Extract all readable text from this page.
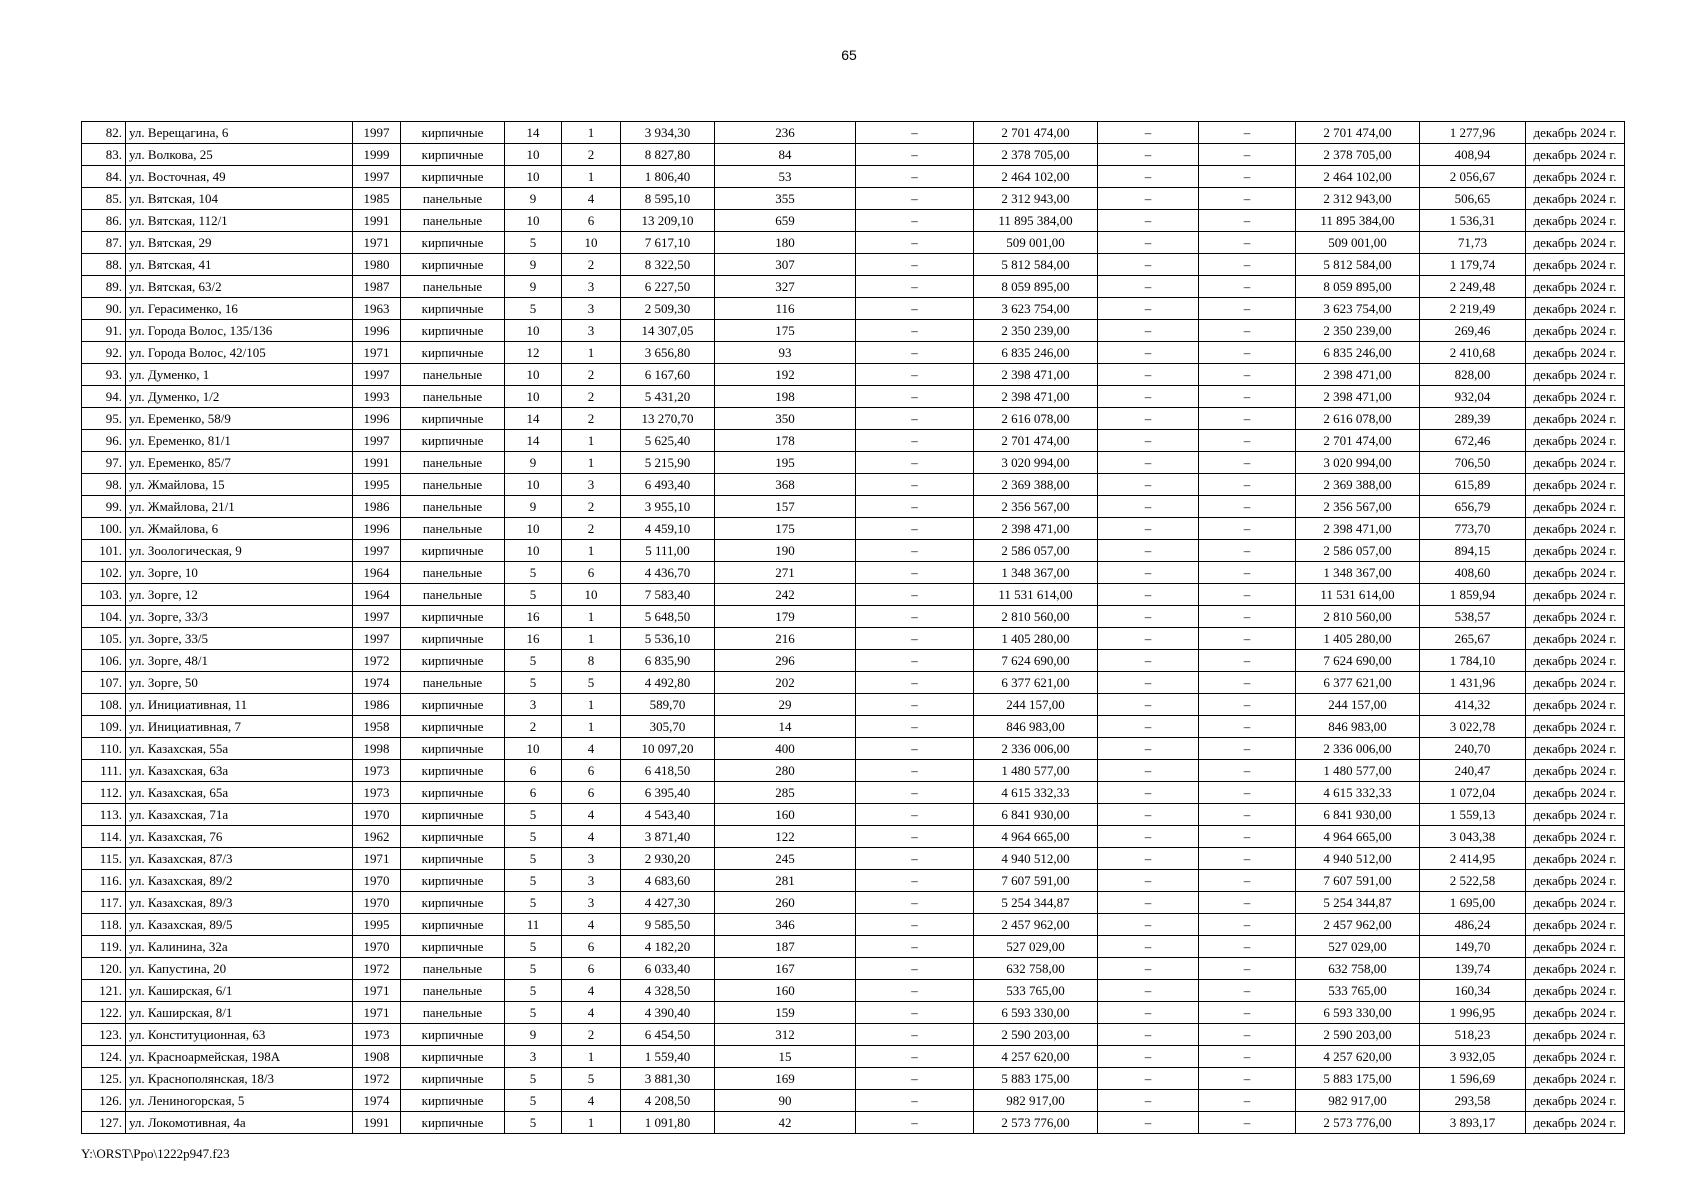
65
82.	ул. Верещагина, 6	1997	кирпичные	14	1	3 934,30	236	–	2 701 474,00	–	–	2 701 474,00	1 277,96	декабрь 2024 г.
83.	ул. Волкова, 25	1999	кирпичные	10	2	8 827,80	84	–	2 378 705,00	–	–	2 378 705,00	408,94	декабрь 2024 г.
84.	ул. Восточная, 49	1997	кирпичные	10	1	1 806,40	53	–	2 464 102,00	–	–	2 464 102,00	2 056,67	декабрь 2024 г.
85.	ул. Вятская, 104	1985	панельные	9	4	8 595,10	355	–	2 312 943,00	–	–	2 312 943,00	506,65	декабрь 2024 г.
86.	ул. Вятская, 112/1	1991	панельные	10	6	13 209,10	659	–	11 895 384,00	–	–	11 895 384,00	1 536,31	декабрь 2024 г.
87.	ул. Вятская, 29	1971	кирпичные	5	10	7 617,10	180	–	509 001,00	–	–	509 001,00	71,73	декабрь 2024 г.
88.	ул. Вятская, 41	1980	кирпичные	9	2	8 322,50	307	–	5 812 584,00	–	–	5 812 584,00	1 179,74	декабрь 2024 г.
89.	ул. Вятская, 63/2	1987	панельные	9	3	6 227,50	327	–	8 059 895,00	–	–	8 059 895,00	2 249,48	декабрь 2024 г.
90.	ул. Герасименко, 16	1963	кирпичные	5	3	2 509,30	116	–	3 623 754,00	–	–	3 623 754,00	2 219,49	декабрь 2024 г.
91.	ул. Города Волос, 135/136	1996	кирпичные	10	3	14 307,05	175	–	2 350 239,00	–	–	2 350 239,00	269,46	декабрь 2024 г.
92.	ул. Города Волос, 42/105	1971	кирпичные	12	1	3 656,80	93	–	6 835 246,00	–	–	6 835 246,00	2 410,68	декабрь 2024 г.
93.	ул. Думенко, 1	1997	панельные	10	2	6 167,60	192	–	2 398 471,00	–	–	2 398 471,00	828,00	декабрь 2024 г.
94.	ул. Думенко, 1/2	1993	панельные	10	2	5 431,20	198	–	2 398 471,00	–	–	2 398 471,00	932,04	декабрь 2024 г.
95.	ул. Еременко, 58/9	1996	кирпичные	14	2	13 270,70	350	–	2 616 078,00	–	–	2 616 078,00	289,39	декабрь 2024 г.
96.	ул. Еременко, 81/1	1997	кирпичные	14	1	5 625,40	178	–	2 701 474,00	–	–	2 701 474,00	672,46	декабрь 2024 г.
97.	ул. Еременко, 85/7	1991	панельные	9	1	5 215,90	195	–	3 020 994,00	–	–	3 020 994,00	706,50	декабрь 2024 г.
98.	ул. Жмайлова, 15	1995	панельные	10	3	6 493,40	368	–	2 369 388,00	–	–	2 369 388,00	615,89	декабрь 2024 г.
99.	ул. Жмайлова, 21/1	1986	панельные	9	2	3 955,10	157	–	2 356 567,00	–	–	2 356 567,00	656,79	декабрь 2024 г.
100.	ул. Жмайлова, 6	1996	панельные	10	2	4 459,10	175	–	2 398 471,00	–	–	2 398 471,00	773,70	декабрь 2024 г.
101.	ул. Зоологическая, 9	1997	кирпичные	10	1	5 111,00	190	–	2 586 057,00	–	–	2 586 057,00	894,15	декабрь 2024 г.
102.	ул. Зорге, 10	1964	панельные	5	6	4 436,70	271	–	1 348 367,00	–	–	1 348 367,00	408,60	декабрь 2024 г.
103.	ул. Зорге, 12	1964	панельные	5	10	7 583,40	242	–	11 531 614,00	–	–	11 531 614,00	1 859,94	декабрь 2024 г.
104.	ул. Зорге, 33/3	1997	кирпичные	16	1	5 648,50	179	–	2 810 560,00	–	–	2 810 560,00	538,57	декабрь 2024 г.
105.	ул. Зорге, 33/5	1997	кирпичные	16	1	5 536,10	216	–	1 405 280,00	–	–	1 405 280,00	265,67	декабрь 2024 г.
106.	ул. Зорге, 48/1	1972	кирпичные	5	8	6 835,90	296	–	7 624 690,00	–	–	7 624 690,00	1 784,10	декабрь 2024 г.
107.	ул. Зорге, 50	1974	панельные	5	5	4 492,80	202	–	6 377 621,00	–	–	6 377 621,00	1 431,96	декабрь 2024 г.
108.	ул. Инициативная, 11	1986	кирпичные	3	1	589,70	29	–	244 157,00	–	–	244 157,00	414,32	декабрь 2024 г.
109.	ул. Инициативная, 7	1958	кирпичные	2	1	305,70	14	–	846 983,00	–	–	846 983,00	3 022,78	декабрь 2024 г.
110.	ул. Казахская, 55а	1998	кирпичные	10	4	10 097,20	400	–	2 336 006,00	–	–	2 336 006,00	240,70	декабрь 2024 г.
111.	ул. Казахская, 63а	1973	кирпичные	6	6	6 418,50	280	–	1 480 577,00	–	–	1 480 577,00	240,47	декабрь 2024 г.
112.	ул. Казахская, 65а	1973	кирпичные	6	6	6 395,40	285	–	4 615 332,33	–	–	4 615 332,33	1 072,04	декабрь 2024 г.
113.	ул. Казахская, 71а	1970	кирпичные	5	4	4 543,40	160	–	6 841 930,00	–	–	6 841 930,00	1 559,13	декабрь 2024 г.
114.	ул. Казахская, 76	1962	кирпичные	5	4	3 871,40	122	–	4 964 665,00	–	–	4 964 665,00	3 043,38	декабрь 2024 г.
115.	ул. Казахская, 87/3	1971	кирпичные	5	3	2 930,20	245	–	4 940 512,00	–	–	4 940 512,00	2 414,95	декабрь 2024 г.
116.	ул. Казахская, 89/2	1970	кирпичные	5	3	4 683,60	281	–	7 607 591,00	–	–	7 607 591,00	2 522,58	декабрь 2024 г.
117.	ул. Казахская, 89/3	1970	кирпичные	5	3	4 427,30	260	–	5 254 344,87	–	–	5 254 344,87	1 695,00	декабрь 2024 г.
118.	ул. Казахская, 89/5	1995	кирпичные	11	4	9 585,50	346	–	2 457 962,00	–	–	2 457 962,00	486,24	декабрь 2024 г.
119.	ул. Калинина, 32а	1970	кирпичные	5	6	4 182,20	187	–	527 029,00	–	–	527 029,00	149,70	декабрь 2024 г.
120.	ул. Капустина, 20	1972	панельные	5	6	6 033,40	167	–	632 758,00	–	–	632 758,00	139,74	декабрь 2024 г.
121.	ул. Каширская, 6/1	1971	панельные	5	4	4 328,50	160	–	533 765,00	–	–	533 765,00	160,34	декабрь 2024 г.
122.	ул. Каширская, 8/1	1971	панельные	5	4	4 390,40	159	–	6 593 330,00	–	–	6 593 330,00	1 996,95	декабрь 2024 г.
123.	ул. Конституционная, 63	1973	кирпичные	9	2	6 454,50	312	–	2 590 203,00	–	–	2 590 203,00	518,23	декабрь 2024 г.
124.	ул. Красноармейская, 198А	1908	кирпичные	3	1	1 559,40	15	–	4 257 620,00	–	–	4 257 620,00	3 932,05	декабрь 2024 г.
125.	ул. Краснополянская, 18/3	1972	кирпичные	5	5	3 881,30	169	–	5 883 175,00	–	–	5 883 175,00	1 596,69	декабрь 2024 г.
126.	ул. Лениногорская, 5	1974	кирпичные	5	4	4 208,50	90	–	982 917,00	–	–	982 917,00	293,58	декабрь 2024 г.
127.	ул. Локомотивная, 4а	1991	кирпичные	5	1	1 091,80	42	–	2 573 776,00	–	–	2 573 776,00	3 893,17	декабрь 2024 г.
Y:\ORST\Ppo\1222p947.f23
